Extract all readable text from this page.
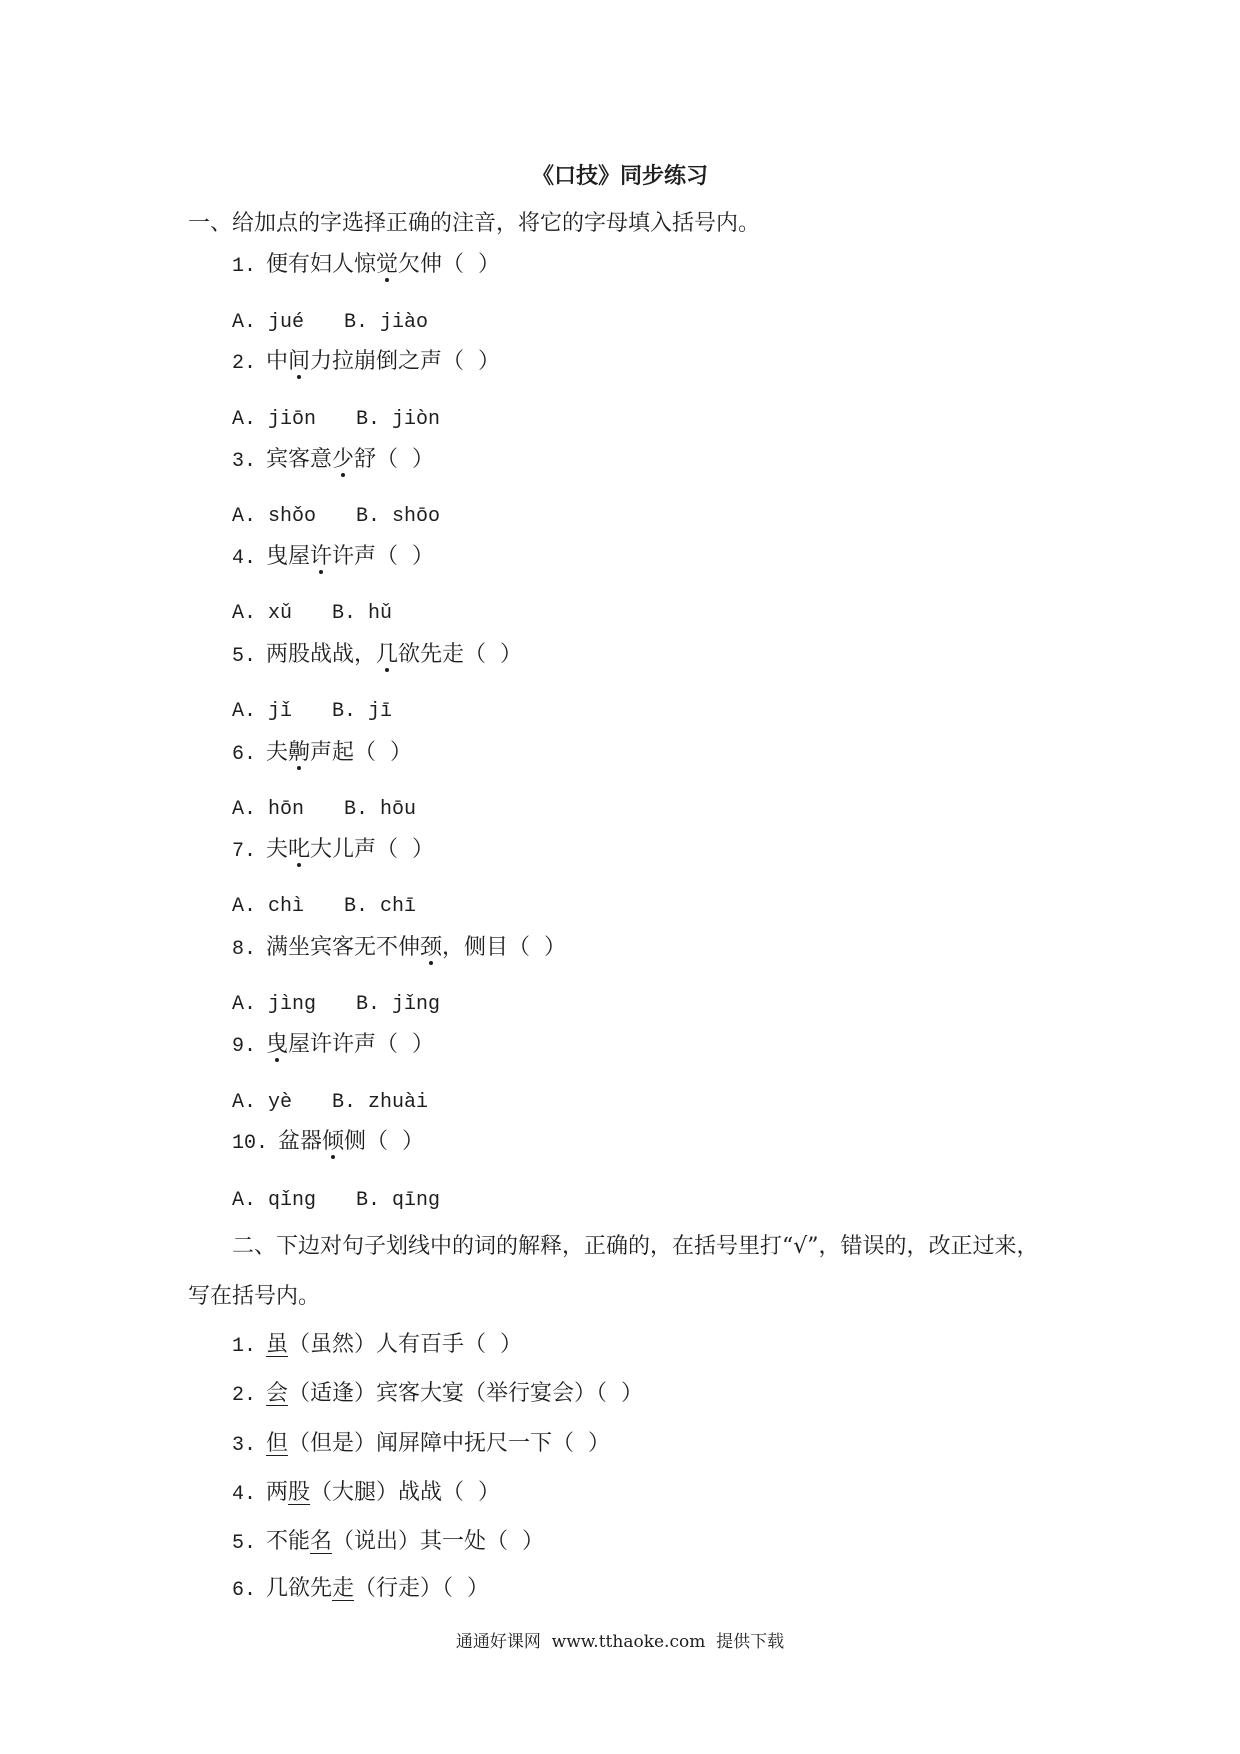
《口技》同步练习
一、给加点的字选择正确的注音，将它的字母填入括号内。
1. 便有妇人惊觉欠伸（  ）
A. jué B. jiào
2. 中间力拉崩倒之声（  ）
A. jiōn B. jiòn
3. 宾客意少舒（  ）
A. shǒo B. shōo
4. 曳屋许许声（  ）
A. xǔ B. hǔ
5. 两股战战，几欲先走（  ）
A. jǐ B. jī
6. 夫齁声起（  ）
A. hōn B. hōu
7. 夫叱大儿声（  ）
A. chì B. chī
8. 满坐宾客无不伸颈，侧目（  ）
A. jìng B. jǐng
9. 曳屋许许声（  ）
A. yè B. zhuài
10. 盆器倾侧（  ）
A. qǐng B. qīng
二、下边对句子划线中的词的解释，正确的，在括号里打“√”，错误的，改正过来，
写在括号内。
1. 虽（虽然）人有百手（  ）
2. 会（适逢）宾客大宴（举行宴会）（  ）
3. 但（但是）闻屏障中抚尺一下（  ）
4. 两股（大腿）战战（  ）
5. 不能名（说出）其一处（  ）
6. 几欲先走（行走）（  ）
通通好课网  www.tthaoke.com  提供下载
